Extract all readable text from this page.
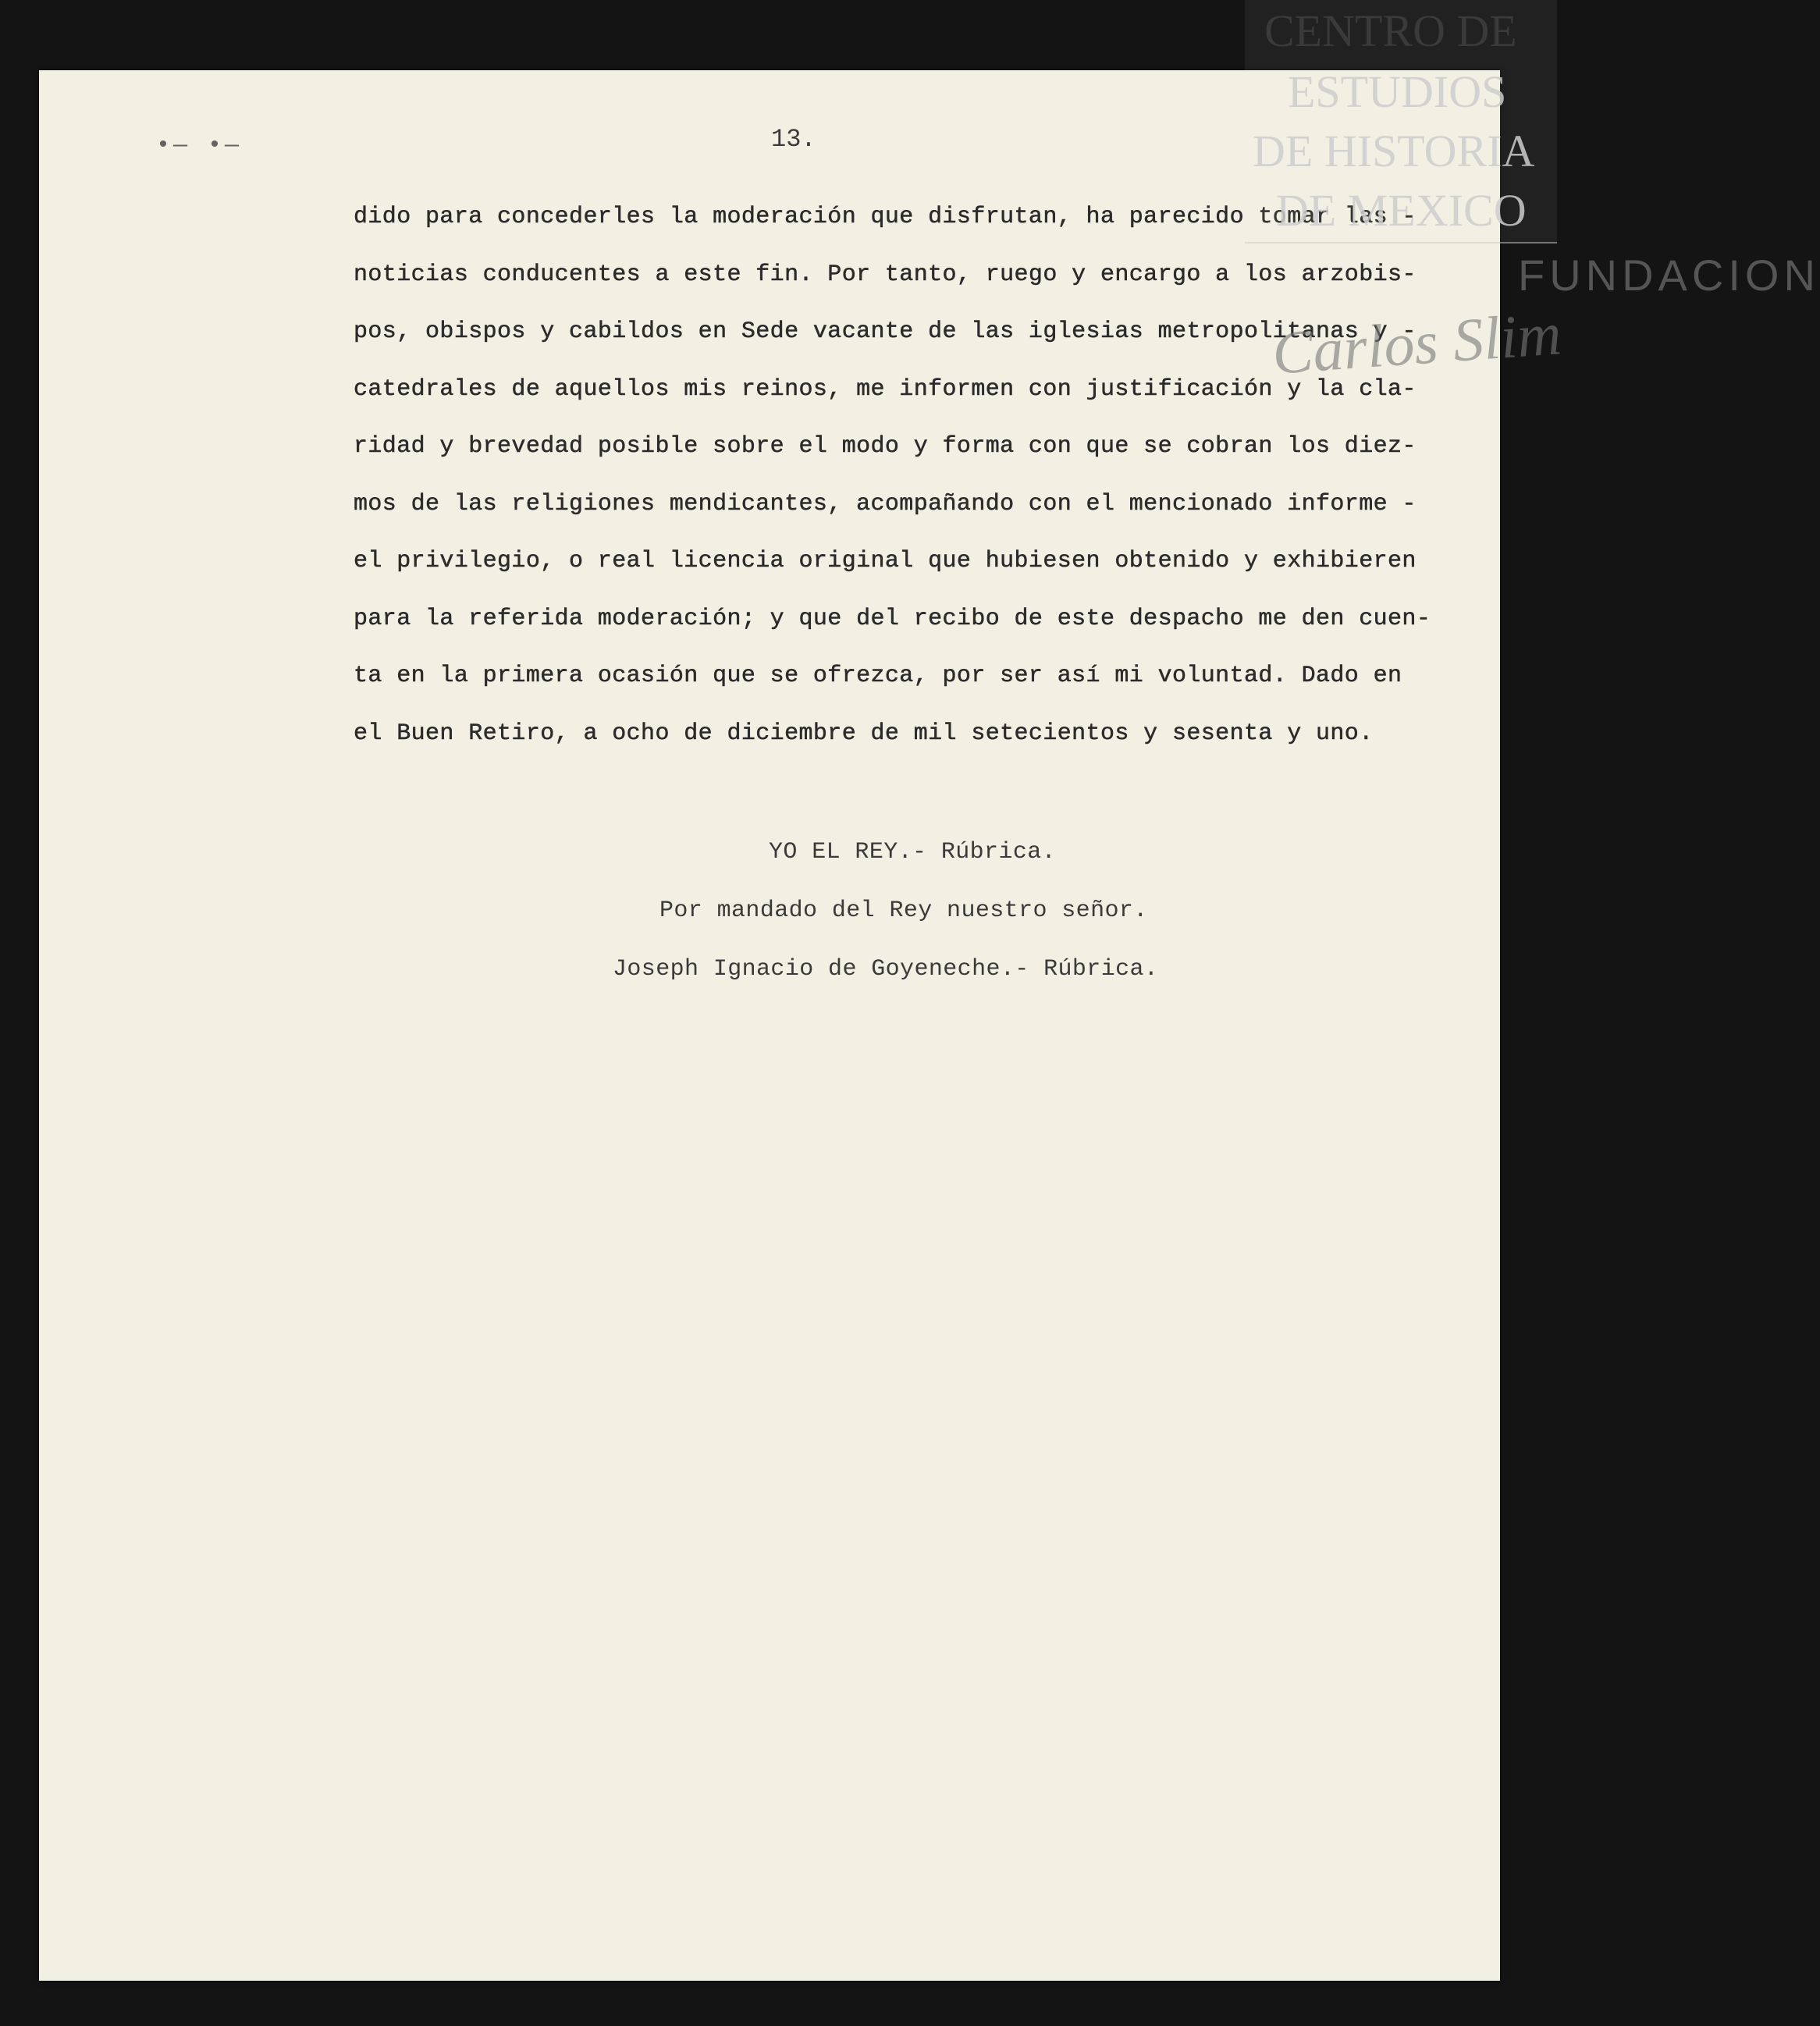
•— •—	13.
dido para concederles la moderación que disfrutan, ha parecido tomar las -
noticias conducentes a este fin. Por tanto, ruego y encargo a los arzobis-
pos, obispos y cabildos en Sede vacante de las iglesias metropolitanas y -
catedrales de aquellos mis reinos, me informen con justificación y la cla-
ridad y brevedad posible sobre el modo y forma con que se cobran los diez-
mos de las religiones mendicantes, acompañando con el mencionado informe -
el privilegio, o real licencia original que hubiesen obtenido y exhibieren
para la referida moderación; y que del recibo de este despacho me den cuen-
ta en la primera ocasión que se ofrezca, por ser así mi voluntad. Dado en
el Buen Retiro, a ocho de diciembre de mil setecientos y sesenta y uno.
YO EL REY.- Rúbrica.
Por mandado del Rey nuestro señor.
Joseph Ignacio de Goyeneche.- Rúbrica.
CENTRO DE
ESTUDIOS
DE HISTORIA
DE MEXICO
FUNDACION
Carlos Slim
